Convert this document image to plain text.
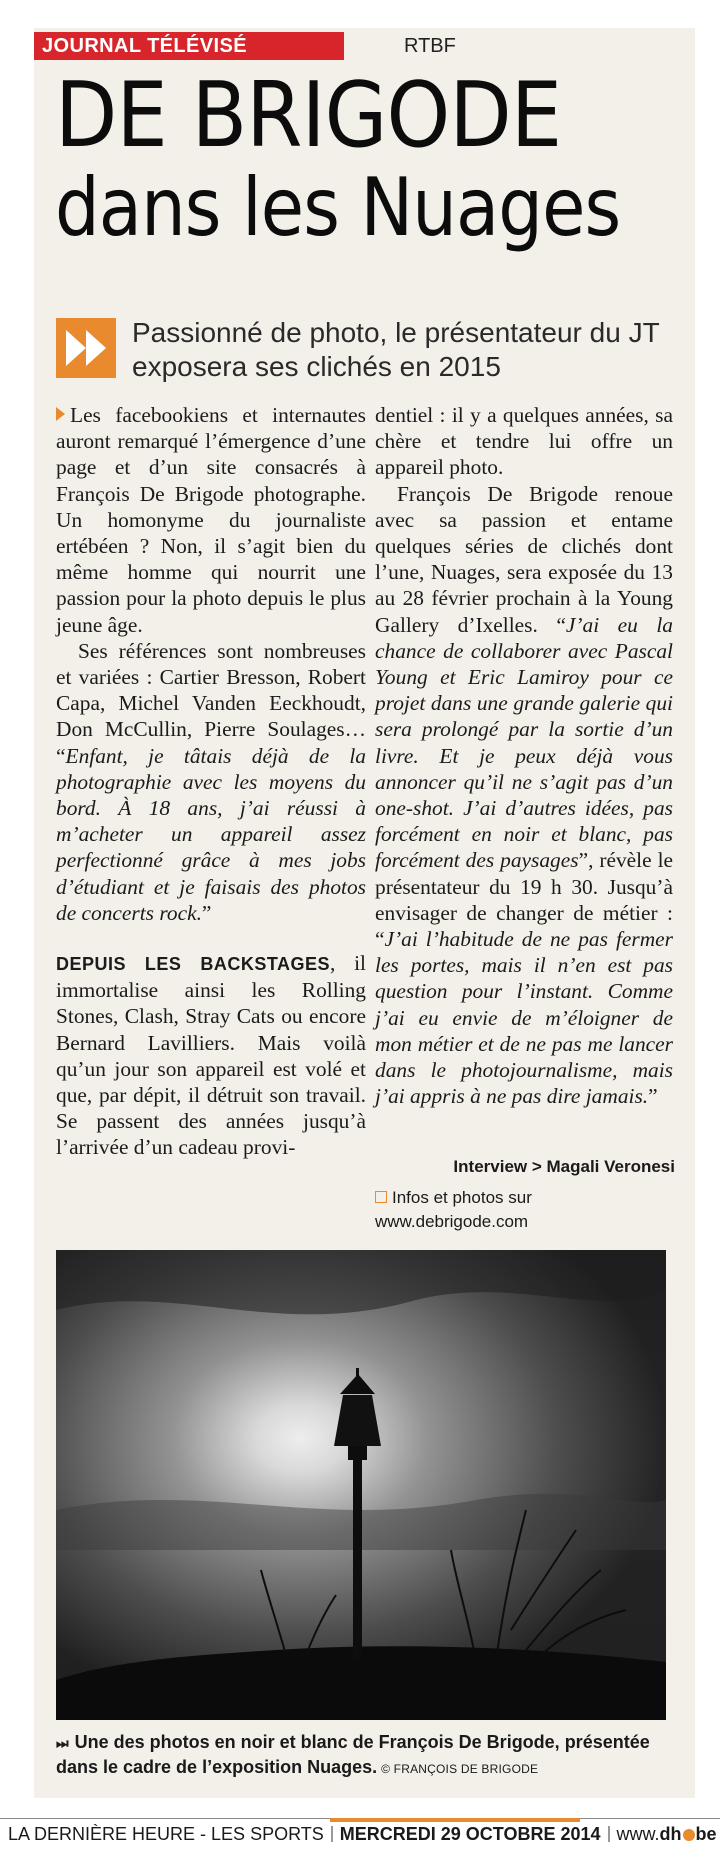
JOURNAL TÉLÉVISÉ	RTBF
DE BRIGODE
dans les Nuages
Passionné de photo, le présentateur du JT exposera ses clichés en 2015

Les facebookiens et internautes auront remarqué l’émergence d’une page et d’un site consacrés à François De Brigode photographe. Un homonyme du journaliste ertébéen ? Non, il s’agit bien du même homme qui nourrit une passion pour la photo depuis le plus jeune âge.

Ses références sont nombreuses et variées : Cartier Bresson, Robert Capa, Michel Vanden Eeckhoudt, Don McCullin, Pierre Soulages… “Enfant, je tâtais déjà de la photographie avec les moyens du bord. À 18 ans, j’ai réussi à m’acheter un appareil assez perfectionné grâce à mes jobs d’étudiant et je faisais des photos de concerts rock.”

DEPUIS LES BACKSTAGES, il immortalise ainsi les Rolling Stones, Clash, Stray Cats ou encore Bernard Lavilliers. Mais voilà qu’un jour son appareil est volé et que, par dépit, il détruit son travail. Se passent des années jusqu’à l’arrivée d’un cadeau provi-

dentiel : il y a quelques années, sa chère et tendre lui offre un appareil photo.

François De Brigode renoue avec sa passion et entame quelques séries de clichés dont l’une, Nuages, sera exposée du 13 au 28 février prochain à la Young Gallery d’Ixelles. “J’ai eu la chance de collaborer avec Pascal Young et Eric Lamiroy pour ce projet dans une grande galerie qui sera prolongé par la sortie d’un livre. Et je peux déjà vous annoncer qu’il ne s’agit pas d’un one-shot. J’ai d’autres idées, pas forcément en noir et blanc, pas forcément des paysages”, révèle le présentateur du 19 h 30. Jusqu’à envisager de changer de métier : “J’ai l’habitude de ne pas fermer les portes, mais il n’en est pas question pour l’instant. Comme j’ai eu envie de m’éloigner de mon métier et de ne pas me lancer dans le photojournalisme, mais j’ai appris à ne pas dire jamais.”

Interview > Magali Veronesi
Infos et photos sur
www.debrigode.com
⏭ Une des photos en noir et blanc de François De Brigode, présentée dans le cadre de l’exposition Nuages. © FRANÇOIS DE BRIGODE
LA DERNIÈRE HEURE - LES SPORTS MERCREDI 29 OCTOBRE 2014 www.dh be
